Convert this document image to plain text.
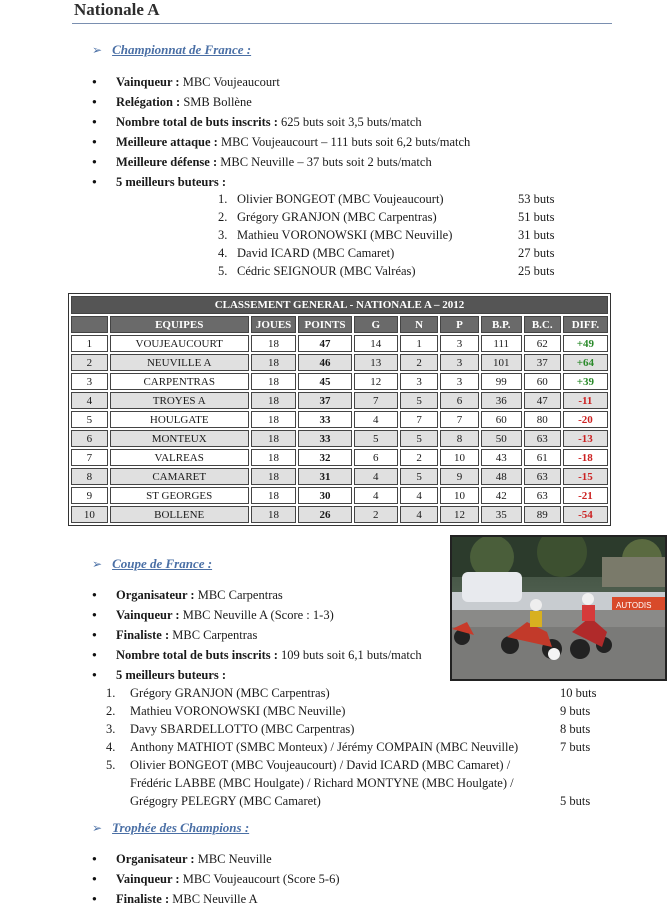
Nationale A
➢ Championnat de France :
● Vainqueur : MBC Voujeaucourt
● Relégation : SMB Bollène
● Nombre total de buts inscrits : 625 buts soit 3,5 buts/match
● Meilleure attaque : MBC Voujeaucourt – 111 buts soit 6,2 buts/match
● Meilleure défense : MBC Neuville – 37 buts soit 2 buts/match
● 5 meilleurs buteurs :
1. Olivier BONGEOT (MBC Voujeaucourt)	53 buts
2. Grégory GRANJON (MBC Carpentras)	51 buts
3. Mathieu VORONOWSKI (MBC Neuville)	31 buts
4. David ICARD (MBC Camaret)	27 buts
5. Cédric SEIGNOUR (MBC Valréas)	25 buts
CLASSEMENT GENERAL - NATIONALE A – 2012									
	EQUIPES	JOUES	POINTS	G	N	P	B.P.	B.C.	DIFF.
1	VOUJEAUCOURT	18	47	14	1	3	111	62	+49
2	NEUVILLE A	18	46	13	2	3	101	37	+64
3	CARPENTRAS	18	45	12	3	3	99	60	+39
4	TROYES A	18	37	7	5	6	36	47	-11
5	HOULGATE	18	33	4	7	7	60	80	-20
6	MONTEUX	18	33	5	5	8	50	63	-13
7	VALREAS	18	32	6	2	10	43	61	-18
8	CAMARET	18	31	4	5	9	48	63	-15
9	ST GEORGES	18	30	4	4	10	42	63	-21
10	BOLLENE	18	26	2	4	12	35	89	-54
AUTODIS
➢ Coupe de France :
● Organisateur : MBC Carpentras
● Vainqueur : MBC Neuville A (Score : 1-3)
● Finaliste : MBC Carpentras
● Nombre total de buts inscrits : 109 buts soit 6,1 buts/match
● 5 meilleurs buteurs :
1. Grégory GRANJON (MBC Carpentras)	10 buts
2. Mathieu VORONOWSKI (MBC Neuville)	9 buts
3. Davy SBARDELLOTTO (MBC Carpentras)	8 buts
4. Anthony MATHIOT (SMBC Monteux) / Jérémy COMPAIN (MBC Neuville)	7 buts
5. Olivier BONGEOT (MBC Voujeaucourt) / David ICARD (MBC Camaret) /
Frédéric LABBE (MBC Houlgate) / Richard MONTYNE (MBC Houlgate) /
Grégogry PELEGRY (MBC Camaret)	5 buts
➢ Trophée des Champions :
● Organisateur : MBC Neuville
● Vainqueur : MBC Voujeaucourt (Score 5-6)
● Finaliste : MBC Neuville A
